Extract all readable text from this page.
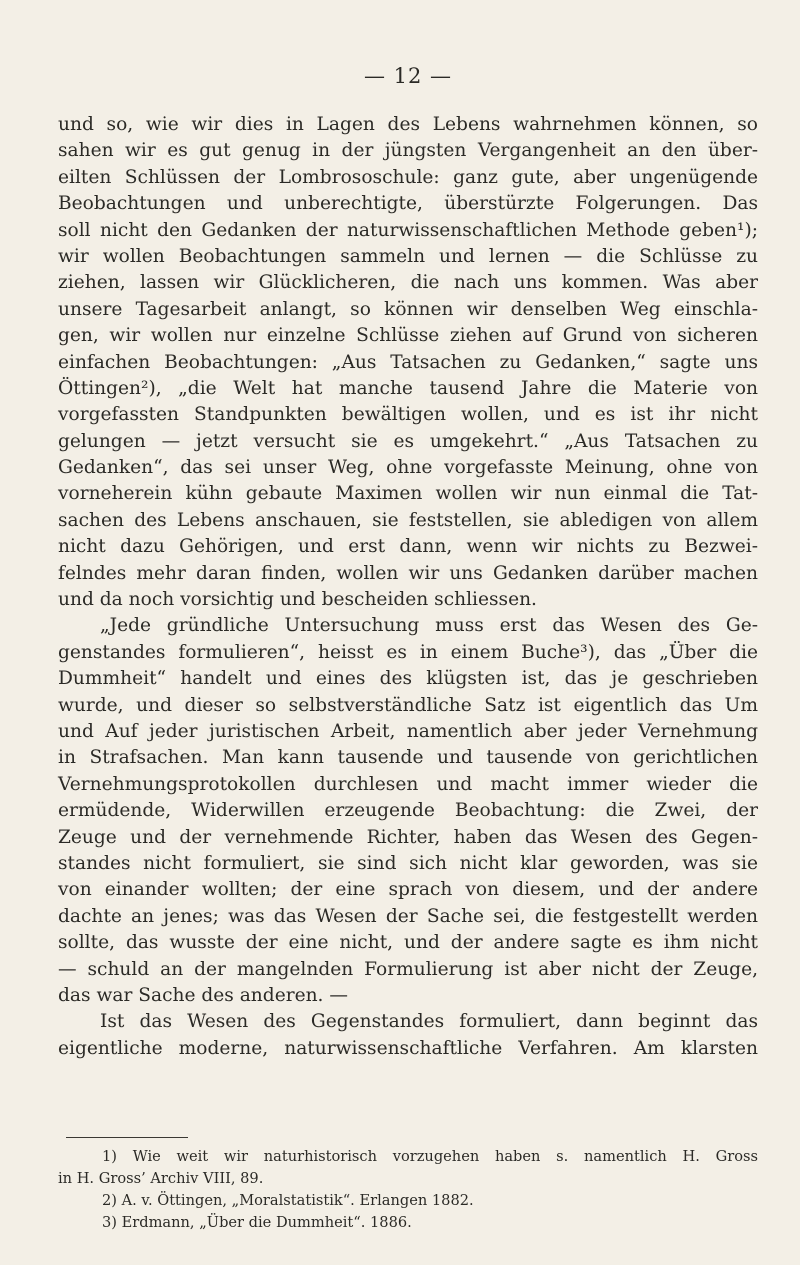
— 12 —
und so, wie wir dies in Lagen des Lebens wahrnehmen können, so
sahen wir es gut genug in der jüngsten Vergangenheit an den über-
eilten Schlüssen der Lombrososchule: ganz gute, aber ungenügende
Beobachtungen und unberechtigte, überstürzte Folgerungen. Das
soll nicht den Gedanken der naturwissenschaftlichen Methode geben¹);
wir wollen Beobachtungen sammeln und lernen — die Schlüsse zu
ziehen, lassen wir Glücklicheren, die nach uns kommen. Was aber
unsere Tagesarbeit anlangt, so können wir denselben Weg einschla-
gen, wir wollen nur einzelne Schlüsse ziehen auf Grund von sicheren
einfachen Beobachtungen: „Aus Tatsachen zu Gedanken,“ sagte uns
Öttingen²), „die Welt hat manche tausend Jahre die Materie von
vorgefassten Standpunkten bewältigen wollen, und es ist ihr nicht
gelungen — jetzt versucht sie es umgekehrt.“ „Aus Tatsachen zu
Gedanken“, das sei unser Weg, ohne vorgefasste Meinung, ohne von
vorneherein kühn gebaute Maximen wollen wir nun einmal die Tat-
sachen des Lebens anschauen, sie feststellen, sie abledigen von allem
nicht dazu Gehörigen, und erst dann, wenn wir nichts zu Bezwei-
felndes mehr daran finden, wollen wir uns Gedanken darüber machen
und da noch vorsichtig und bescheiden schliessen.
„Jede gründliche Untersuchung muss erst das Wesen des Ge-
genstandes formulieren“, heisst es in einem Buche³), das „Über die
Dummheit“ handelt und eines des klügsten ist, das je geschrieben
wurde, und dieser so selbstverständliche Satz ist eigentlich das Um
und Auf jeder juristischen Arbeit, namentlich aber jeder Vernehmung
in Strafsachen. Man kann tausende und tausende von gerichtlichen
Vernehmungsprotokollen durchlesen und macht immer wieder die
ermüdende, Widerwillen erzeugende Beobachtung: die Zwei, der
Zeuge und der vernehmende Richter, haben das Wesen des Gegen-
standes nicht formuliert, sie sind sich nicht klar geworden, was sie
von einander wollten; der eine sprach von diesem, und der andere
dachte an jenes; was das Wesen der Sache sei, die festgestellt werden
sollte, das wusste der eine nicht, und der andere sagte es ihm nicht
— schuld an der mangelnden Formulierung ist aber nicht der Zeuge,
das war Sache des anderen. —
Ist das Wesen des Gegenstandes formuliert, dann beginnt das
eigentliche moderne, naturwissenschaftliche Verfahren. Am klarsten
1) Wie weit wir naturhistorisch vorzugehen haben s. namentlich H. Gross
in H. Gross’ Archiv VIII, 89.
2) A. v. Öttingen, „Moralstatistik“. Erlangen 1882.
3) Erdmann, „Über die Dummheit“. 1886.
